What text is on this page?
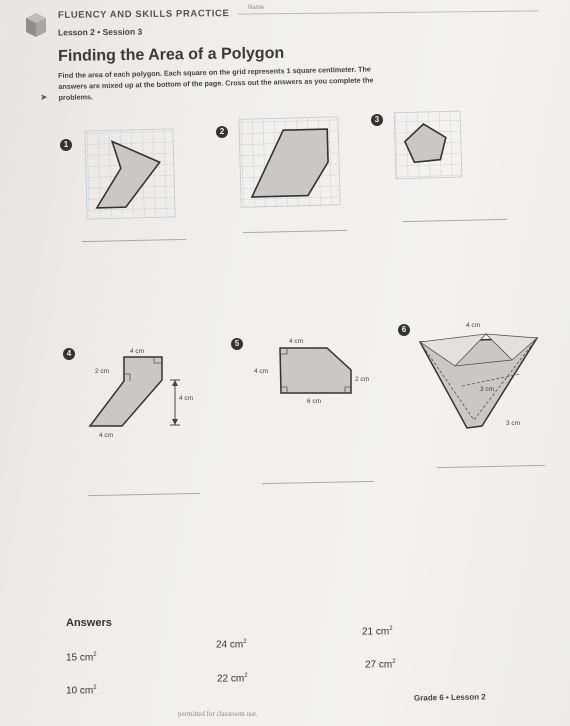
FLUENCY AND SKILLS PRACTICE
Name
Lesson 2 • Session 3
Finding the Area of a Polygon
➤
Find the area of each polygon. Each square on the grid represents 1 square centimeter. The answers are mixed up at the bottom of the page. Cross out the answers as you complete the problems.
1
2
3
4
5
6
4 cm
2 cm
4 cm
4 cm
4 cm
4 cm
2 cm
6 cm
4 cm
3 cm
3 cm
Answers
15 $cm^2$
24 $cm^2$
21 $cm^2$
10 $cm^2$
22 $cm^2$
27 $cm^2$
Grade 6 • Lesson 2
permitted for classroom use.
